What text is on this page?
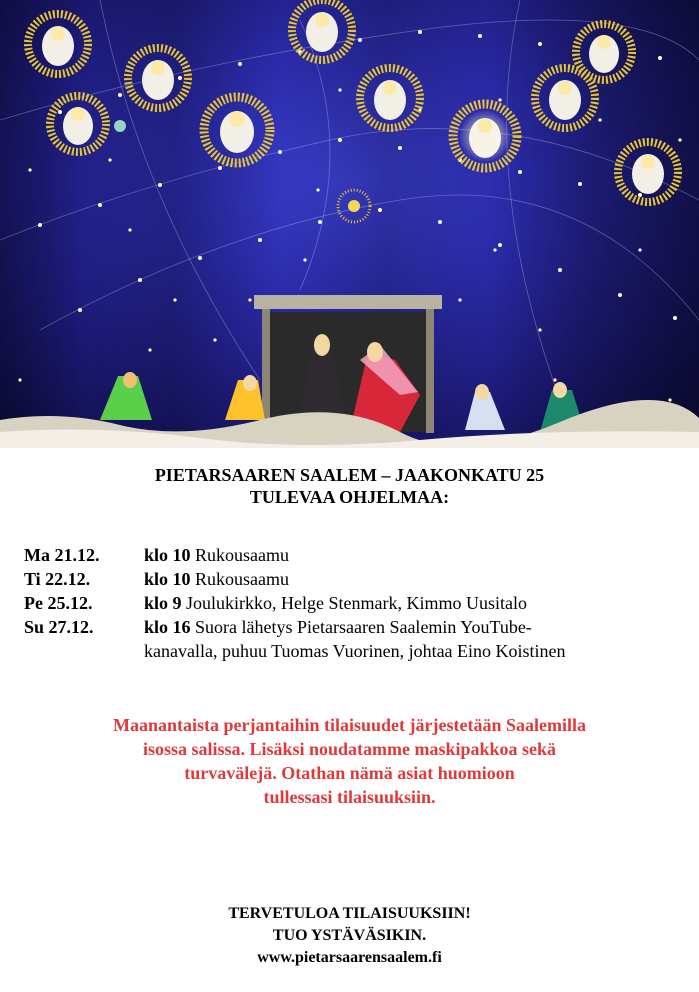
PIETARSAAREN SAALEM – JAAKONKATU 25
TULEVAA OHJELMAA:
Ma 21.12.	klo 10 Rukousaamu
Ti 22.12.	klo 10 Rukousaamu
Pe 25.12.	klo 9 Joulukirkko, Helge Stenmark, Kimmo Uusitalo
Su 27.12.	klo 16 Suora lähetys Pietarsaaren Saalemin YouTube-
kanavalla, puhuu Tuomas Vuorinen, johtaa Eino Koistinen
Maanantaista perjantaihin tilaisuudet järjestetään Saalemilla
isossa salissa. Lisäksi noudatamme maskipakkoa sekä
turvavälejä. Otathan nämä asiat huomioon
tullessasi tilaisuuksiin.
TERVETULOA TILAISUUKSIIN!
TUO YSTÄVÄSIKIN.
www.pietarsaarensaalem.fi
